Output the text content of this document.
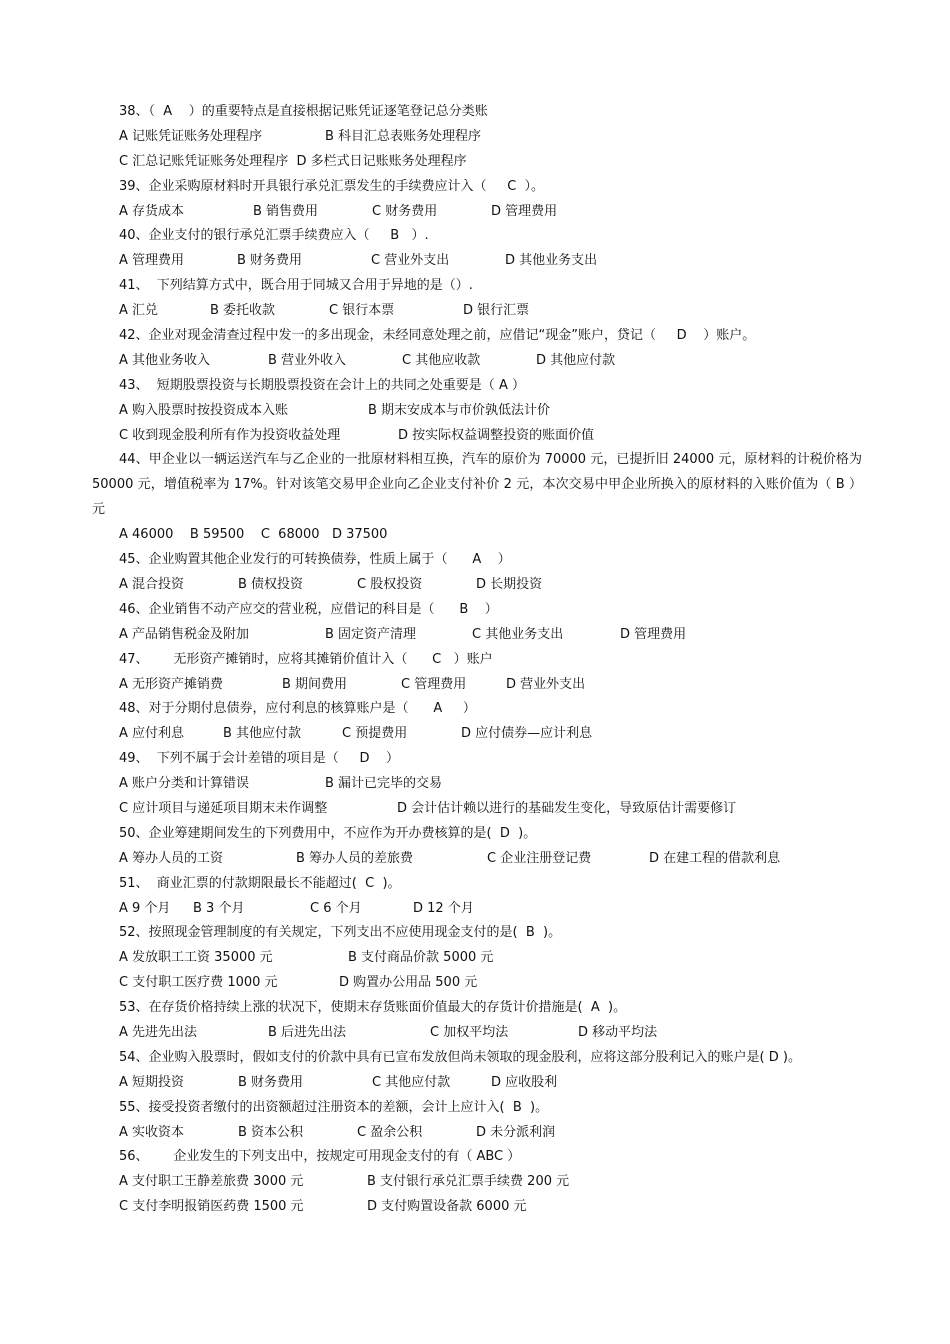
38、（  A    ）的重要特点是直接根据记账凭证逐笔登记总分类账
A 记账凭证账务处理程序	B 科目汇总表账务处理程序
C 汇总记账凭证账务处理程序  D 多栏式日记账账务处理程序
39、企业采购原材料时开具银行承兑汇票发生的手续费应计入（     C  ）。
A 存货成本	B 销售费用	C 财务费用	D 管理费用
40、企业支付的银行承兑汇票手续费应入（     B   ）.
A 管理费用	B 财务费用	C 营业外支出	D 其他业务支出
41、  下列结算方式中，既合用于同城又合用于异地的是（）.
A 汇兑	B 委托收款	C 银行本票	D 银行汇票
42、企业对现金清查过程中发一的多出现金，未经同意处理之前，应借记“现金”账户，贷记（     D    ）账户。
A 其他业务收入	B 营业外收入	C 其他应收款	D 其他应付款
43、  短期股票投资与长期股票投资在会计上的共同之处重要是（ A ）
A 购入股票时按投资成本入账	B 期末安成本与市价孰低法计价
C 收到现金股利所有作为投资收益处理	D 按实际权益调整投资的账面价值
44、甲企业以一辆运送汽车与乙企业的一批原材料相互换，汽车的原价为 70000 元，已提折旧 24000 元，原材料的计税价格为 50000 元，增值税率为 17%。针对该笔交易甲企业向乙企业支付补价 2 元，本次交易中甲企业所换入的原材料的入账价值为（ B ）元
A 46000    B 59500    C  68000   D 37500
45、企业购置其他企业发行的可转换债券，性质上属于（      A    ）
A 混合投资	B 债权投资	C 股权投资	D 长期投资
46、企业销售不动产应交的营业税，应借记的科目是（      B    ）
A 产品销售税金及附加	B 固定资产清理	C 其他业务支出	D 管理费用
47、      无形资产摊销时，应将其摊销价值计入（      C   ）账户
A 无形资产摊销费	B 期间费用	C 管理费用	D 营业外支出
48、对于分期付息债券，应付利息的核算账户是（      A     ）
A 应付利息	B 其他应付款	C 预提费用	D 应付债券—应计利息
49、  下列不属于会计差错的项目是（     D    ）
A 账户分类和计算错误	B 漏计已完毕的交易
C 应计项目与递延项目期末未作调整	D 会计估计赖以进行的基础发生变化，导致原估计需要修订
50、企业筹建期间发生的下列费用中，不应作为开办费核算的是(  D  )。
A 筹办人员的工资	B 筹办人员的差旅费	C 企业注册登记费	D 在建工程的借款利息
51、  商业汇票的付款期限最长不能超过(  C  )。
A 9 个月 B 3 个月	C 6 个月	D 12 个月
52、按照现金管理制度的有关规定，下列支出不应使用现金支付的是(  B  )。
A 发放职工工资 35000 元	B 支付商品价款 5000 元
C 支付职工医疗费 1000 元	D 购置办公用品 500 元
53、在存货价格持续上涨的状况下，使期末存货账面价值最大的存货计价措施是(  A  )。
A 先进先出法	B 后进先出法	C 加权平均法	D 移动平均法
54、企业购入股票时，假如支付的价款中具有已宣布发放但尚未领取的现金股利，应将这部分股利记入的账户是( D )。
A 短期投资	B 财务费用	C 其他应付款	D 应收股利
55、接受投资者缴付的出资额超过注册资本的差额，会计上应计入(  B  )。
A 实收资本	B 资本公积	C 盈余公积	D 未分派利润
56、      企业发生的下列支出中，按规定可用现金支付的有（ ABC ）
A 支付职工王静差旅费 3000 元	B 支付银行承兑汇票手续费 200 元
C 支付李明报销医药费 1500 元	D 支付购置设备款 6000 元
